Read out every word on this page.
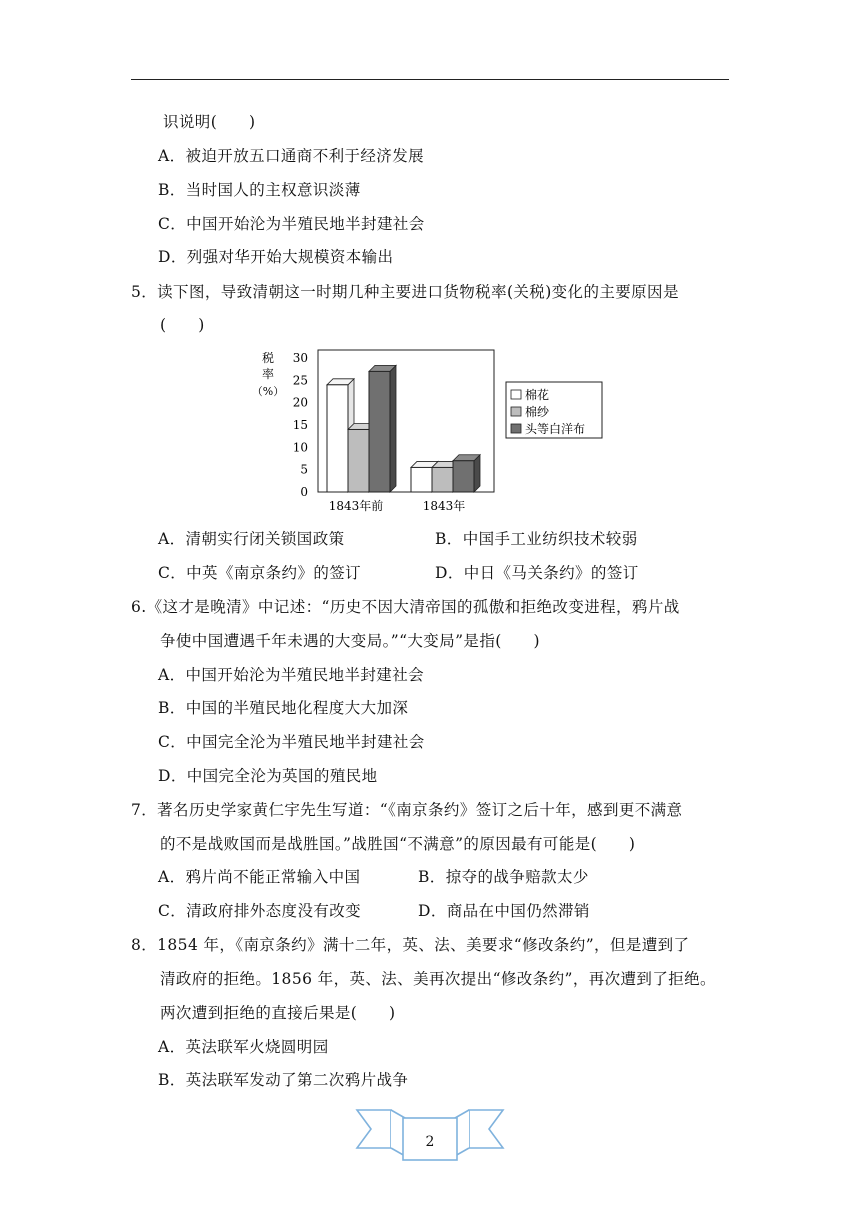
识说明(　　)
A．被迫开放五口通商不利于经济发展
B．当时国人的主权意识淡薄
C．中国开始沦为半殖民地半封建社会
D．列强对华开始大规模资本输出
5．读下图，导致清朝这一时期几种主要进口货物税率(关税)变化的主要原因是
(　　)
税
率
（%）
0
5
10
15
20
25
30
1843年前	1843年
棉花
棉纱
头等白洋布
A．清朝实行闭关锁国政策	B．中国手工业纺织技术较弱
C．中英《南京条约》的签订	D．中日《马关条约》的签订
6.《这才是晚清》中记述：“历史不因大清帝国的孤傲和拒绝改变进程，鸦片战
争使中国遭遇千年未遇的大变局。”“大变局”是指(　　)
A．中国开始沦为半殖民地半封建社会
B．中国的半殖民地化程度大大加深
C．中国完全沦为半殖民地半封建社会
D．中国完全沦为英国的殖民地
7．著名历史学家黄仁宇先生写道：“《南京条约》签订之后十年，感到更不满意
的不是战败国而是战胜国。”战胜国“不满意”的原因最有可能是(　　)
A．鸦片尚不能正常输入中国	B．掠夺的战争赔款太少
C．清政府排外态度没有改变	D．商品在中国仍然滞销
8．1854 年，《南京条约》满十二年，英、法、美要求“修改条约”，但是遭到了
清政府的拒绝。1856 年，英、法、美再次提出“修改条约”，再次遭到了拒绝。
两次遭到拒绝的直接后果是(　　)
A．英法联军火烧圆明园
B．英法联军发动了第二次鸦片战争
2
